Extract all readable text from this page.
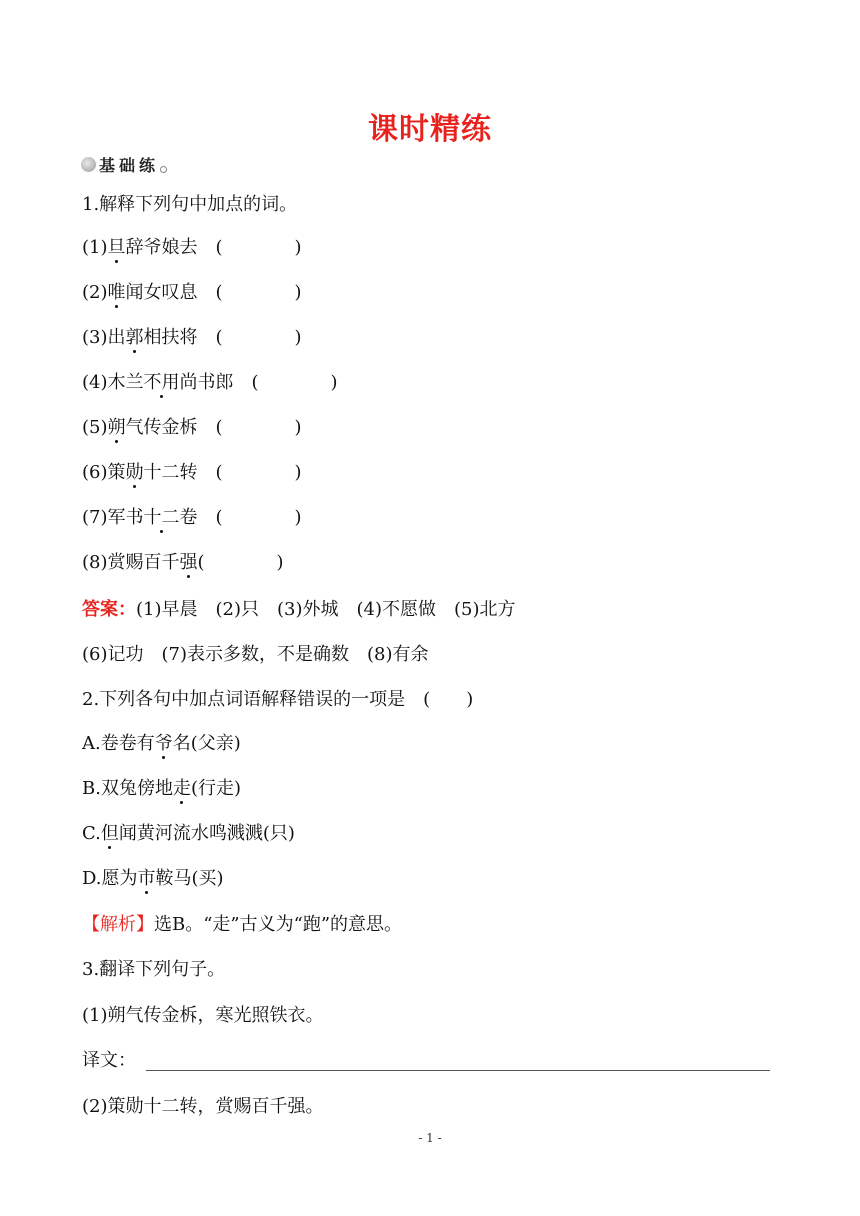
课时精练
基础练
1.解释下列句中加点的词。
(1)旦辞爷娘去　(　　　　)
(2)唯闻女叹息　(　　　　)
(3)出郭相扶将　(　　　　)
(4)木兰不用尚书郎　(　　　　)
(5)朔气传金柝　(　　　　)
(6)策勋十二转　(　　　　)
(7)军书十二卷　(　　　　)
(8)赏赐百千强(　　　　)
答案：(1)早晨　(2)只　(3)外城　(4)不愿做　(5)北方
(6)记功　(7)表示多数，不是确数　(8)有余
2.下列各句中加点词语解释错误的一项是　(　　)
A.卷卷有爷名(父亲)
B.双兔傍地走(行走)
C.但闻黄河流水鸣溅溅(只)
D.愿为市鞍马(买)
【解析】选B。“走”古义为“跑”的意思。
3.翻译下列句子。
(1)朔气传金柝，寒光照铁衣。
译文：
(2)策勋十二转，赏赐百千强。
- 1 -
